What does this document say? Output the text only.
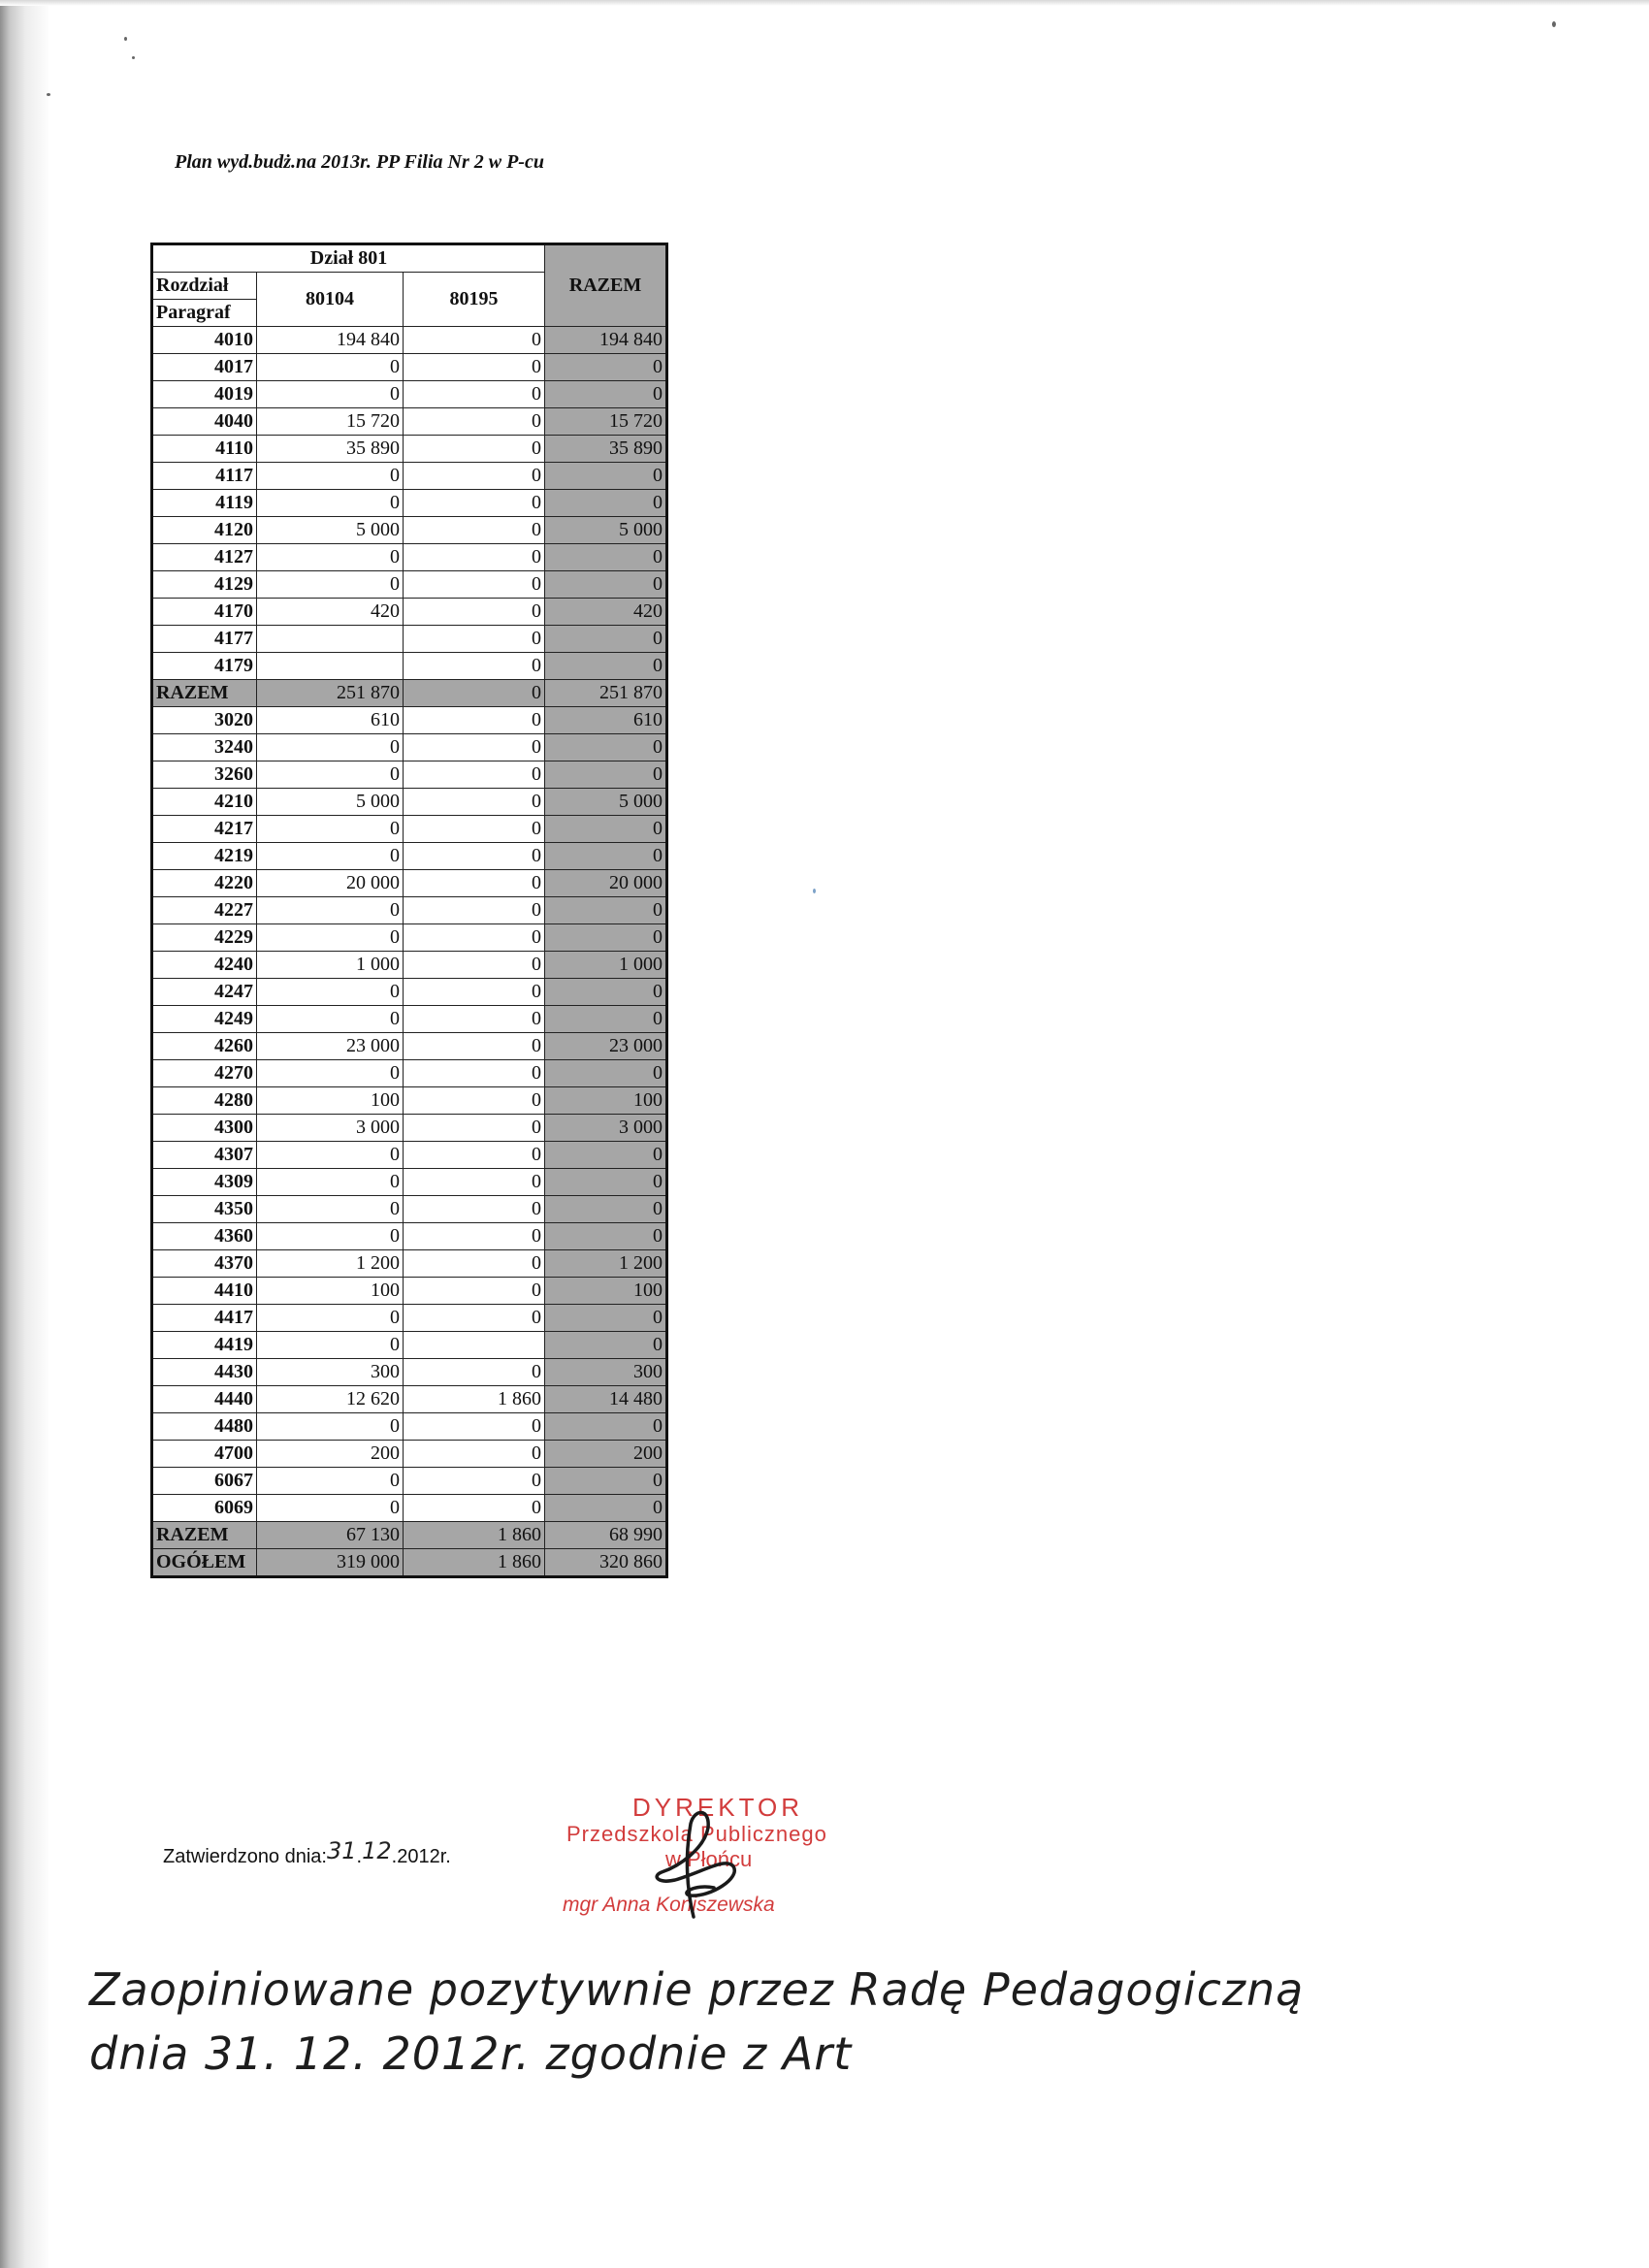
Plan wyd.budż.na 2013r. PP Filia Nr 2 w P-cu
Dział 801			RAZEM
Rozdział	80104	80195	
Paragraf			
4010	194 840	0	194 840
4017	0	0	0
4019	0	0	0
4040	15 720	0	15 720
4110	35 890	0	35 890
4117	0	0	0
4119	0	0	0
4120	5 000	0	5 000
4127	0	0	0
4129	0	0	0
4170	420	0	420
4177		0	0
4179		0	0
RAZEM	251 870	0	251 870
3020	610	0	610
3240	0	0	0
3260	0	0	0
4210	5 000	0	5 000
4217	0	0	0
4219	0	0	0
4220	20 000	0	20 000
4227	0	0	0
4229	0	0	0
4240	1 000	0	1 000
4247	0	0	0
4249	0	0	0
4260	23 000	0	23 000
4270	0	0	0
4280	100	0	100
4300	3 000	0	3 000
4307	0	0	0
4309	0	0	0
4350	0	0	0
4360	0	0	0
4370	1 200	0	1 200
4410	100	0	100
4417	0	0	0
4419	0		0
4430	300	0	300
4440	12 620	1 860	14 480
4480	0	0	0
4700	200	0	200
6067	0	0	0
6069	0	0	0
RAZEM	67 130	1 860	68 990
OGÓŁEM	319 000	1 860	320 860
Zatwierdzono dnia:31.12.2012r.
DYREKTOR
Przedszkola Publicznego
w Płońcu
mgr Anna Koniszewska
Zaopiniowane pozytywnie przez Radę Pedagogiczną
dnia 31. 12. 2012r. zgodnie z Art
